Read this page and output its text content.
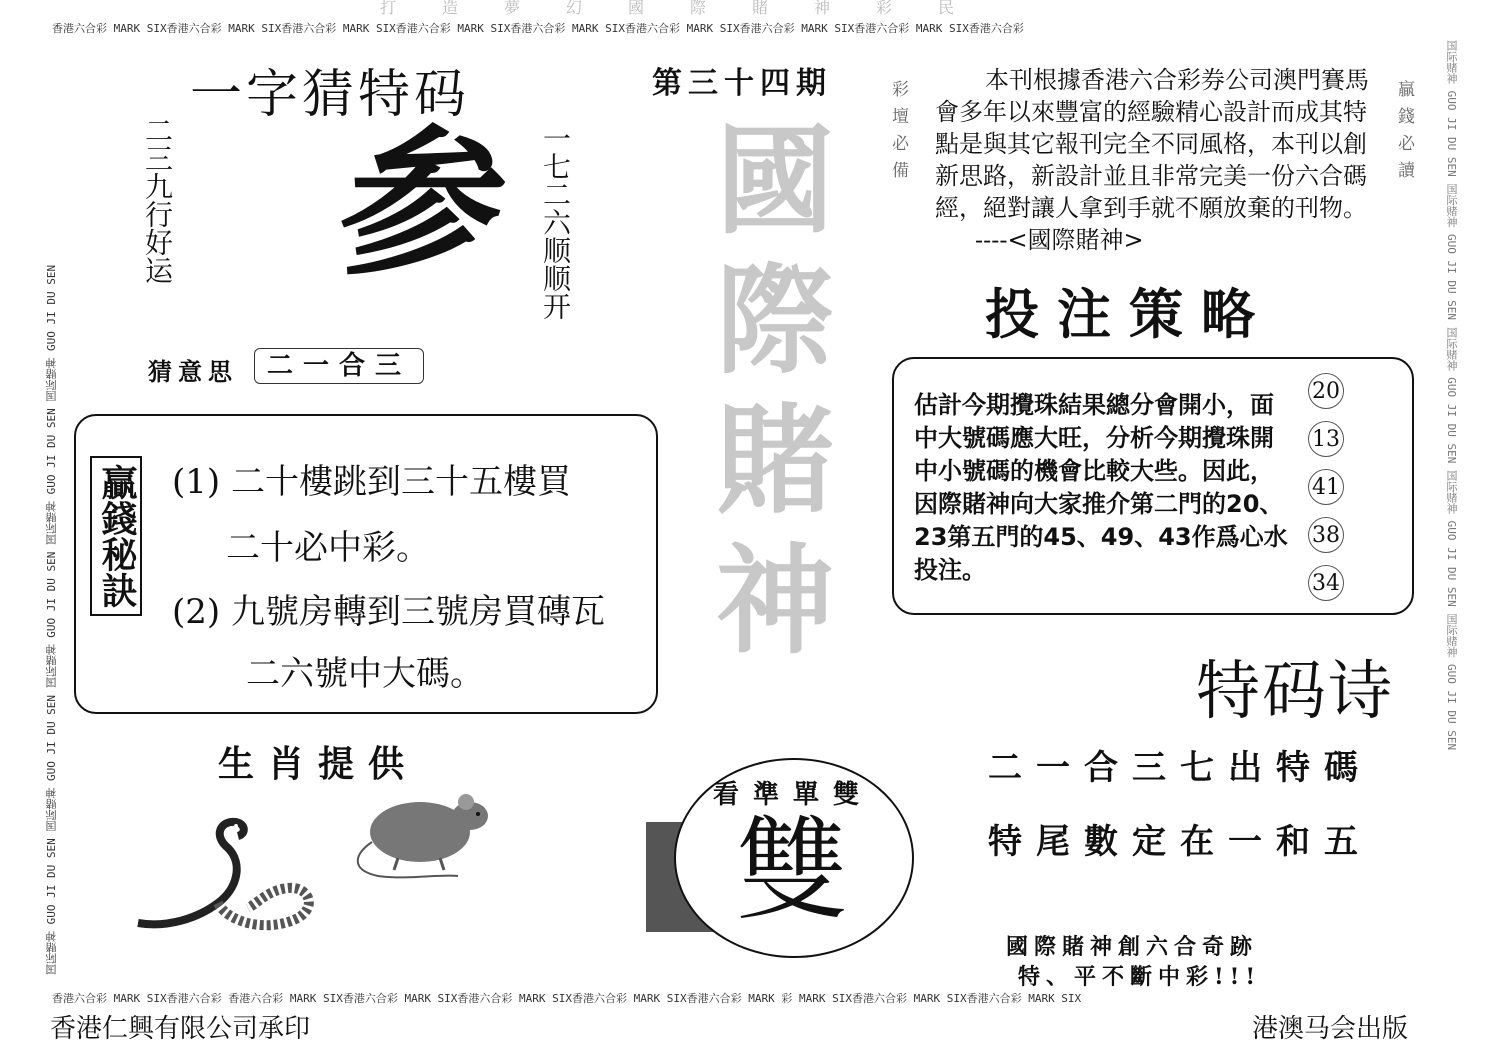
打造夢幻國際賭神彩民
香港六合彩 MARK SIX香港六合彩 MARK SIX香港六合彩 MARK SIX香港六合彩 MARK SIX香港六合彩 MARK SIX香港六合彩 MARK SIX香港六合彩 MARK SIX香港六合彩 MARK SIX香港六合彩
国际赌神 GUO JI DU SEN 国际赌神 GUO JI DU SEN 国际赌神 GUO JI DU SEN 国际赌神 GUO JI DU SEN 国际赌神 GUO JI DU SEN	国际赌神 GUO JI DU SEN 国际赌神 GUO JI DU SEN 国际赌神 GUO JI DU SEN 国际赌神 GUO JI DU SEN 国际赌神 GUO JI DU SEN
一字猜特码
二三九行好运 参 一七二六顺顺开
猜意思	二一合三
第三十四期
國際賭神	彩壇必備	本刊根據香港六合彩券公司澳門賽馬會多年以來豐富的經驗精心設計而成其特點是與其它報刊完全不同風格，本刊以創新思路，新設計並且非常完美一份六合碼經，絕對讓人拿到手就不願放棄的刊物。 ----<國際賭神>
贏錢必讀
投注策略
估計今期攪珠結果總分會開小，面中大號碼應大旺，分析今期攪珠開中小號碼的機會比較大些。因此，因際賭神向大家推介第二門的20、23第五門的45、49、43作爲心水投注。
20
13
41
38
34
贏錢秘訣 (1) 二十樓跳到三十五樓買
二十必中彩。
(2) 九號房轉到三號房買磚瓦
二六號中大碼。	特码诗
二一合三七出特碼
特尾數定在一和五
生肖提供
看準單雙
雙
國際賭神創六合奇跡
特、平不斷中彩!!!
香港六合彩 MARK SIX香港六合彩 香港六合彩 MARK SIX香港六合彩 MARK SIX香港六合彩 MARK SIX香港六合彩 MARK SIX香港六合彩 MARK 彩 MARK SIX香港六合彩 MARK SIX香港六合彩 MARK SIX
香港仁興有限公司承印	港澳马会出版
